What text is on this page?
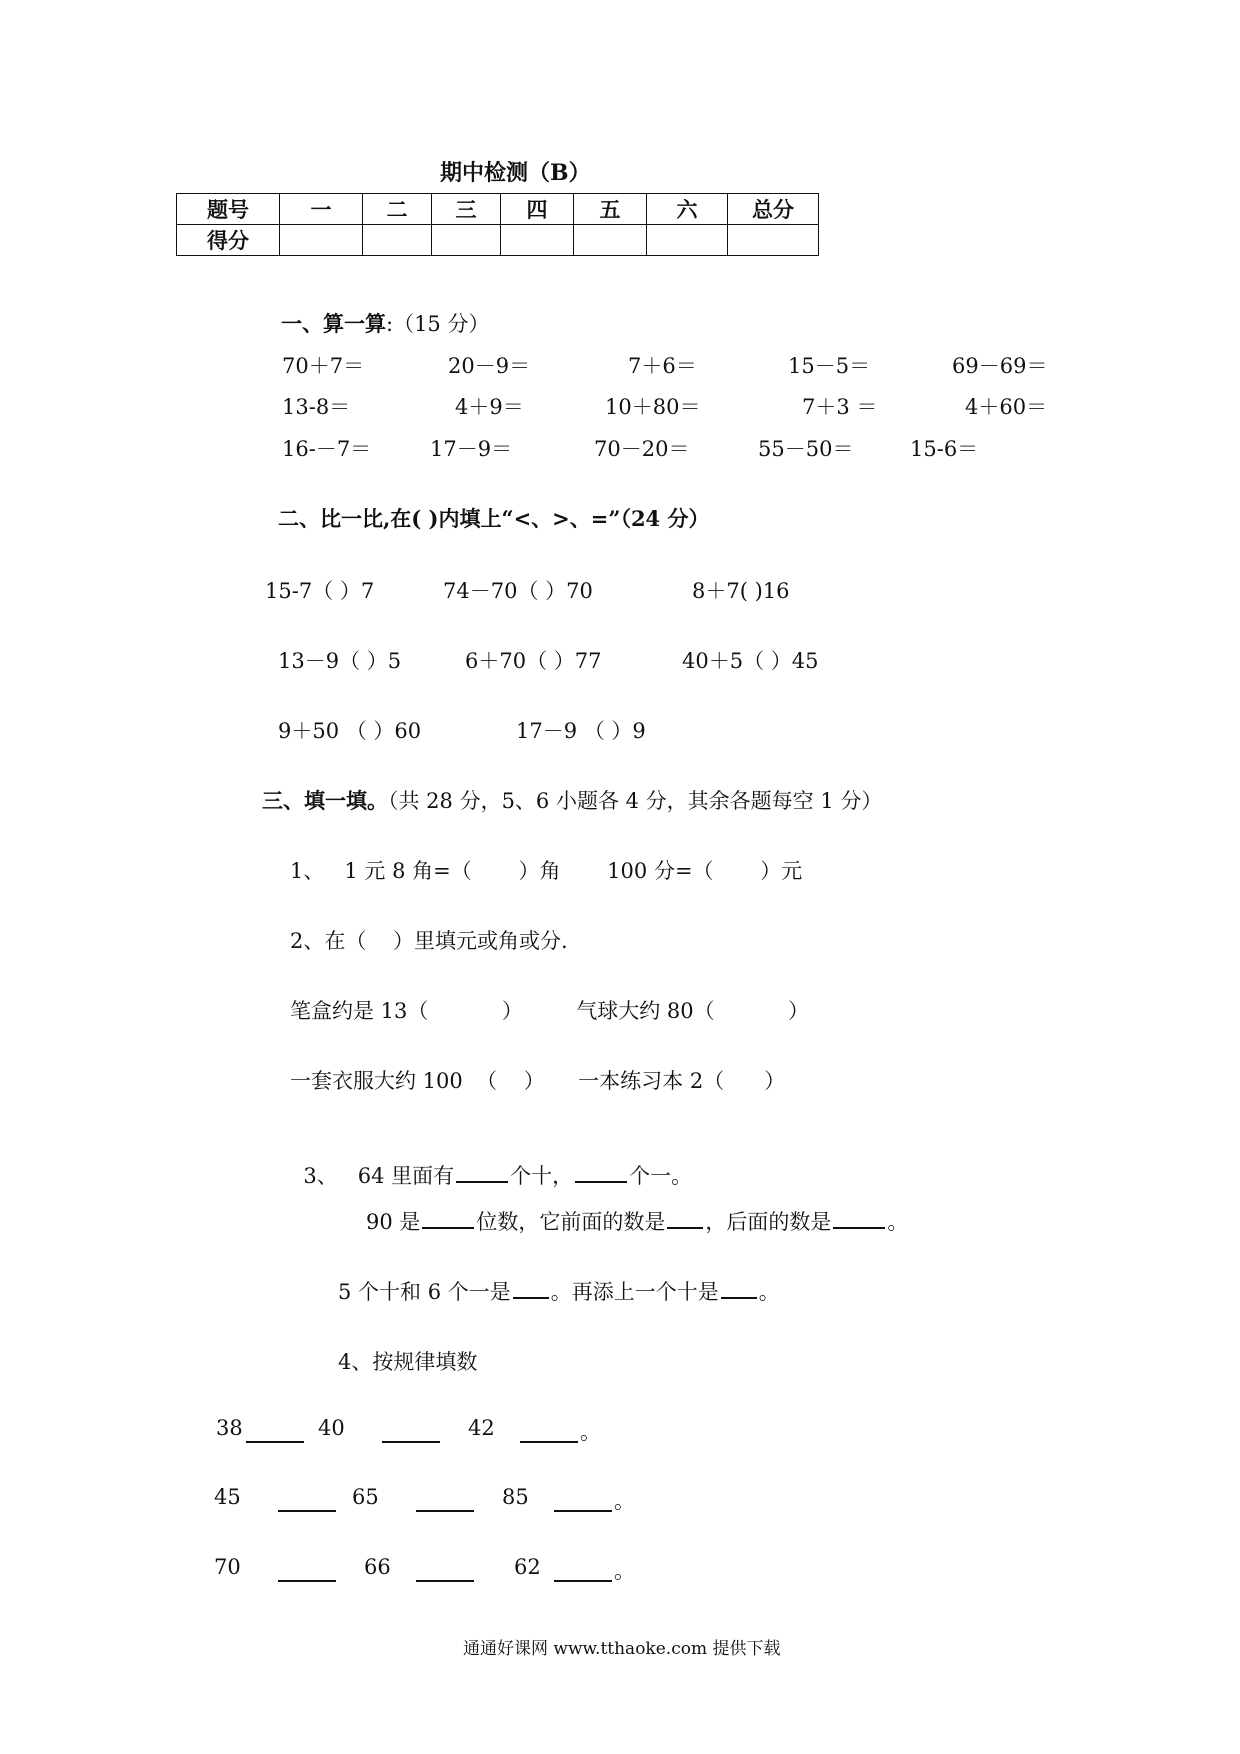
期中检测（B）
题号	一	二	三	四	五	六	总分
得分							
一、算一算:（15 分）
70＋7＝	20－9＝	7＋6＝	15－5＝	69－69＝
13-8＝	4＋9＝	10＋80＝	7＋3 ＝	4＋60＝
16-－7＝	17－9＝	70－20＝	55－50＝	15-6＝
二、比一比,在( )内填上“<、>、=”（24 分）
15-7（ ）7	74－70（ ）70	8＋7( )16
13－9（ ）5	6＋70（ ）77	40＋5（ ）45
9＋50 （ ）60	17－9 （ ）9
三、填一填。（共 28 分，5、6 小题各 4 分，其余各题每空 1 分）
1、   1 元 8 角=（       ）角       100 分=（       ）元
2、在（    ）里填元或角或分.
笔盒约是 13（           ）        气球大约 80（           ）
一套衣服大约 100  （    ）     一本练习本 2（      ）

3、   64 里面有	个十，	个一。

90 是	位数，它前面的数是 ，后面的数是	。
5 个十和 6 个一是 。再添上一个十是 。
4、按规律填数
38	40	42	。
45	65	85	。
70	66	62	。
通通好课网 www.tthaoke.com 提供下载
